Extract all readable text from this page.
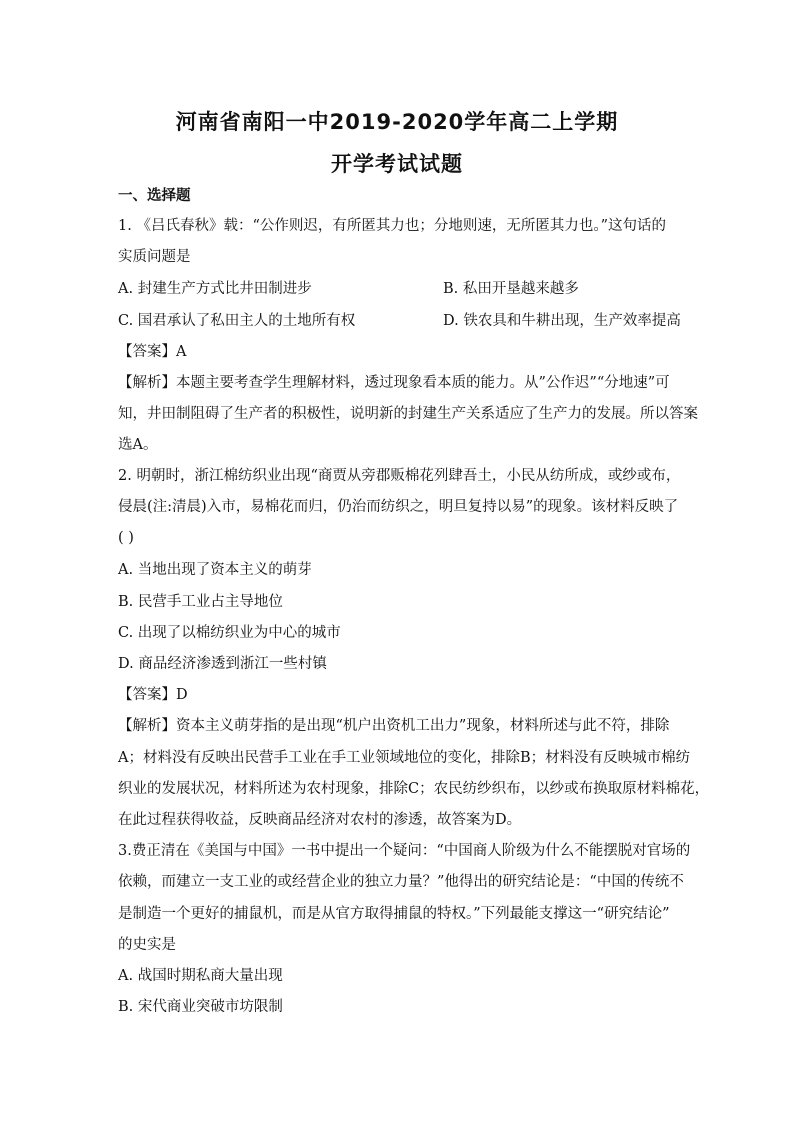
河南省南阳一中2019-2020学年高二上学期
开学考试试题
一、选择题
1. 《吕氏春秋》载：“公作则迟，有所匿其力也；分地则速，无所匿其力也。”这句话的
实质问题是
A. 封建生产方式比井田制进步	B. 私田开垦越来越多
C. 国君承认了私田主人的土地所有权	D. 铁农具和牛耕出现，生产效率提高
【答案】A
【解析】本题主要考查学生理解材料，透过现象看本质的能力。从”公作迟”“分地速”可
知，井田制阻碍了生产者的积极性，说明新的封建生产关系适应了生产力的发展。所以答案
选A。
2. 明朝时，浙江棉纺织业出现“商贾从旁郡贩棉花列肆吾土，小民从纺所成，或纱或布，
侵晨(注:清晨)入市，易棉花而归，仍治而纺织之，明旦复持以易”的现象。该材料反映了
( )
A. 当地出现了资本主义的萌芽
B. 民营手工业占主导地位
C. 出现了以棉纺织业为中心的城市
D. 商品经济渗透到浙江一些村镇
【答案】D
【解析】资本主义萌芽指的是出现“机户出资机工出力”现象，材料所述与此不符，排除
A；材料没有反映出民营手工业在手工业领域地位的变化，排除B；材料没有反映城市棉纺
织业的发展状况，材料所述为农村现象，排除C；农民纺纱织布，以纱或布换取原材料棉花，
在此过程获得收益，反映商品经济对农村的渗透，故答案为D。
3.费正清在《美国与中国》一书中提出一个疑问：“中国商人阶级为什么不能摆脱对官场的
依赖，而建立一支工业的或经营企业的独立力量？”他得出的研究结论是：“中国的传统不
是制造一个更好的捕鼠机，而是从官方取得捕鼠的特权。”下列最能支撑这一“研究结论”
的史实是
A. 战国时期私商大量出现
B. 宋代商业突破市坊限制
